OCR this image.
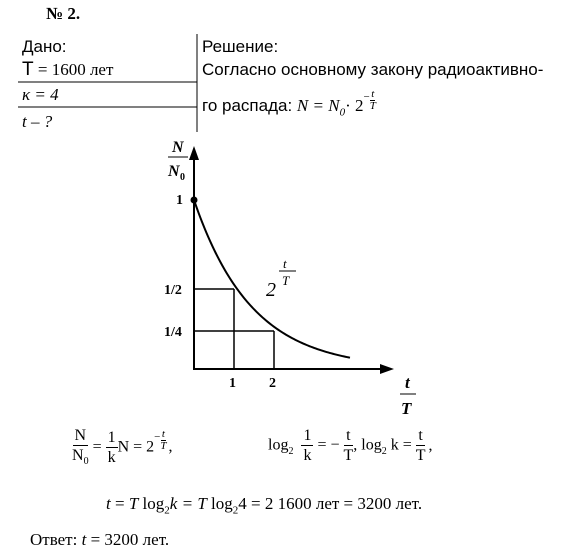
№ 2.
Дано:
T = 1600 лет
κ = 4
t – ?
Решение:
Согласно основному закону радиоактивно-
го распада: $N = N_0\cdot 2^- \frac{t}{T}$
N
N 0
1
1/2
1/4
1 2	t
T
2
t
T
$\frac{N}{N_0} = \frac{1}{k}$ $N = 2^- \frac{t}{T}$ ,	$\log_2 \frac{1}{k}$ = − $\frac{t}{T}$ , $\log_2 k = \frac{t}{T}$ ,
t = T $\log_2k = T$ $\log_24 = 2$ 1600 лет = 3200 лет.
Ответ: t = 3200 лет.
